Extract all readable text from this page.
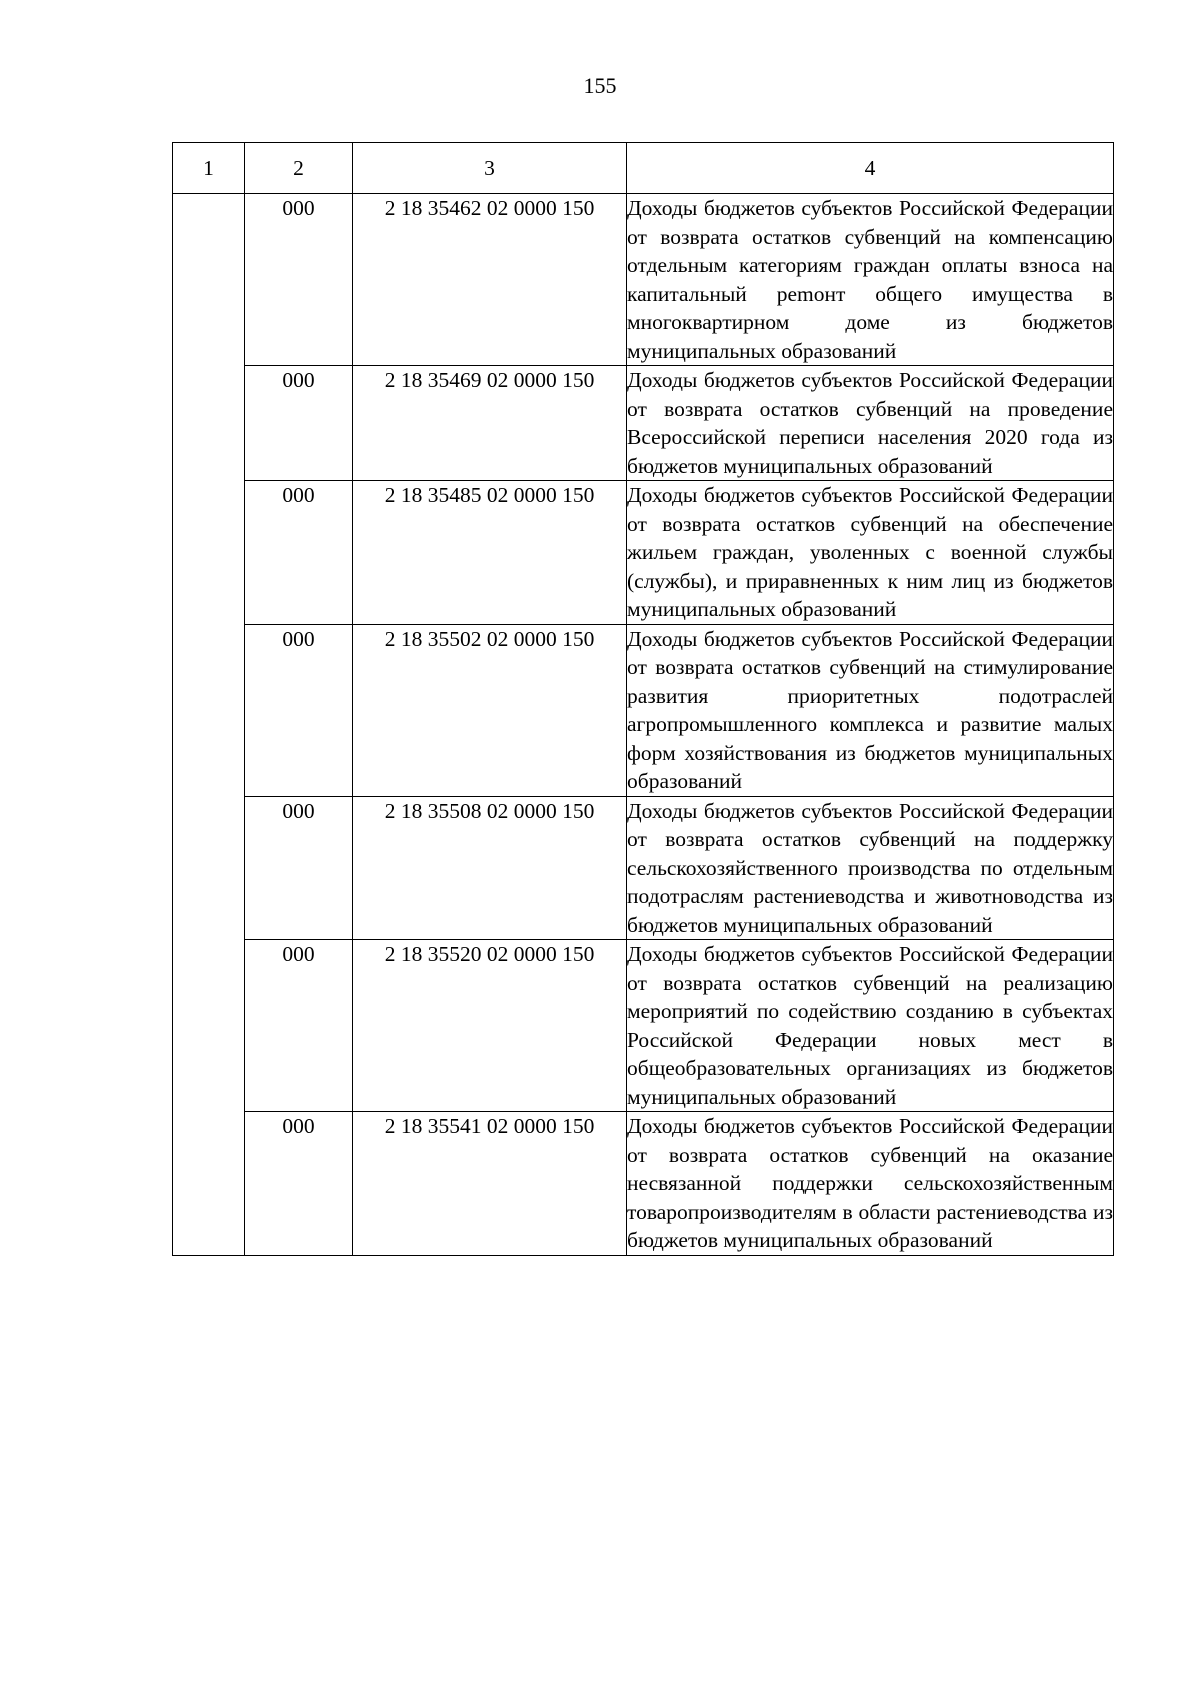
155
1	2	3	4
	000	2 18 35462 02 0000 150	Доходы бюджетов субъектов Российской Федерации от возврата остатков субвенций на компенсацию отдельным категориям граждан оплаты взноса на капитальный реmонт общего имущества в многоквартирном доме из бюджетов муниципальных образований
	000	2 18 35469 02 0000 150	Доходы бюджетов субъектов Российской Федерации от возврата остатков субвенций на проведение Всероссийской переписи населения 2020 года из бюджетов муниципальных образований
	000	2 18 35485 02 0000 150	Доходы бюджетов субъектов Российской Федерации от возврата остатков субвенций на обеспечение жильем граждан, уволенных с военной службы (службы), и приравненных к ним лиц из бюджетов муниципальных образований
	000	2 18 35502 02 0000 150	Доходы бюджетов субъектов Российской Федерации от возврата остатков субвенций на стимулирование развития приоритетных подотраслей агропромышленного комплекса и развитие малых форм хозяйствования из бюджетов муниципальных образований
	000	2 18 35508 02 0000 150	Доходы бюджетов субъектов Российской Федерации от возврата остатков субвенций на поддержку сельскохозяйственного производства по отдельным подотраслям растениеводства и животноводства из бюджетов муниципальных образований
	000	2 18 35520 02 0000 150	Доходы бюджетов субъектов Российской Федерации от возврата остатков субвенций на реализацию мероприятий по содействию созданию в субъектах Российской Федерации новых мест в общеобразовательных организациях из бюджетов муниципальных образований
	000	2 18 35541 02 0000 150	Доходы бюджетов субъектов Российской Федерации от возврата остатков субвенций на оказание несвязанной поддержки сельскохозяйственным товаропроизводителям в области растениеводства из бюджетов муниципальных образований
